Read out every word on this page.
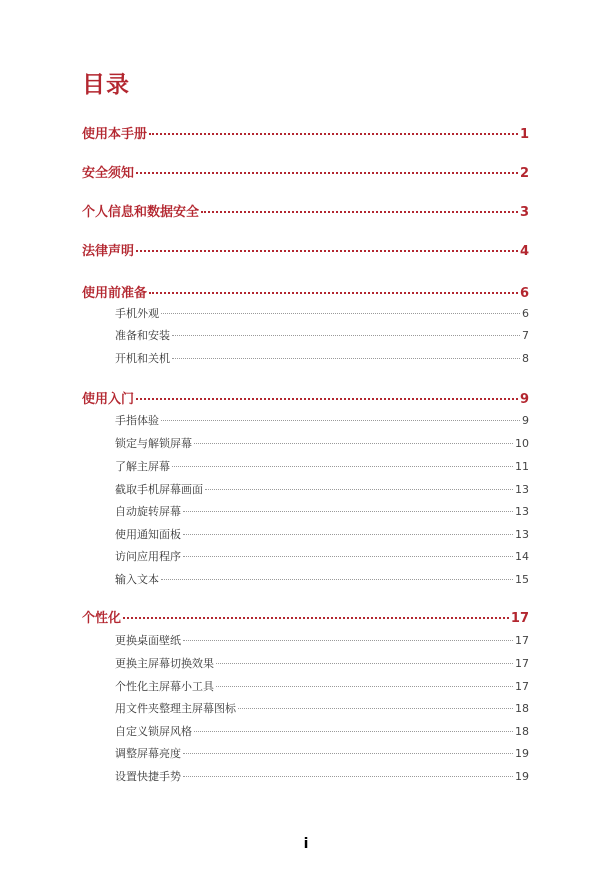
目录
使用本手册	1
安全须知	2
个人信息和数据安全	3
法律声明	4
使用前准备	6
手机外观	6
准备和安装	7
开机和关机	8
使用入门	9
手指体验	9
锁定与解锁屏幕	10
了解主屏幕	11
截取手机屏幕画面	13
自动旋转屏幕	13
使用通知面板	13
访问应用程序	14
输入文本	15
个性化	17
更换桌面壁纸	17
更换主屏幕切换效果	17
个性化主屏幕小工具	17
用文件夹整理主屏幕图标	18
自定义锁屏风格	18
调整屏幕亮度	19
设置快捷手势	19
i
